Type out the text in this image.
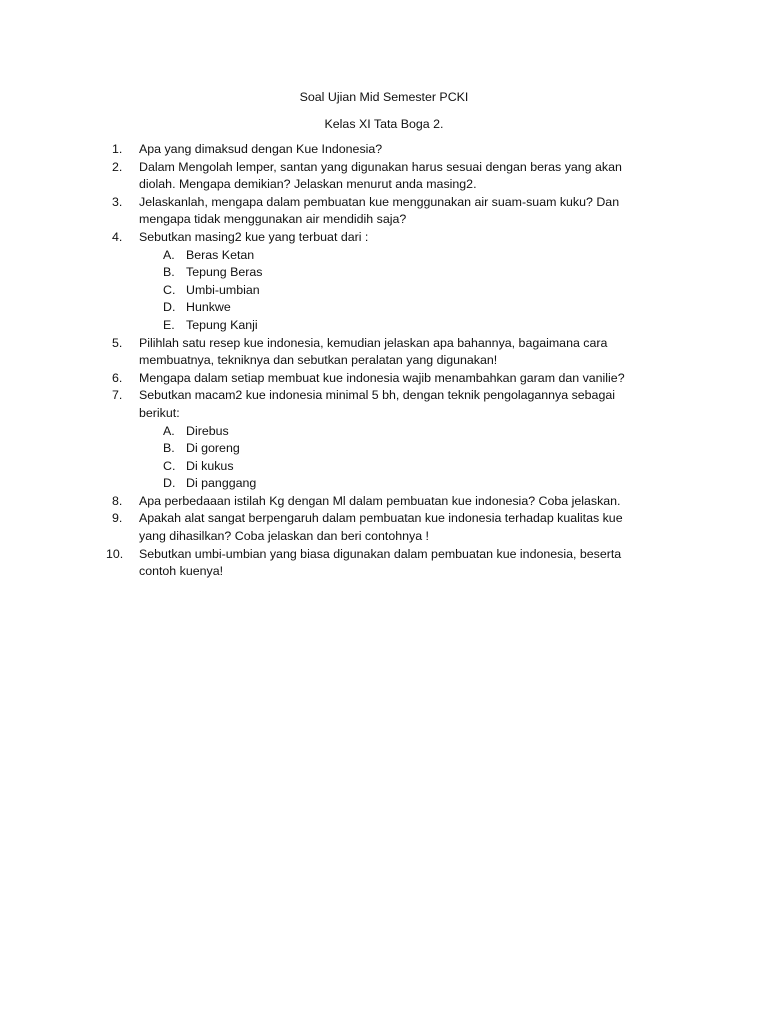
Soal Ujian Mid Semester PCKI
Kelas XI Tata Boga 2.
1.	Apa yang dimaksud dengan Kue Indonesia?
2.	Dalam Mengolah lemper, santan yang digunakan harus sesuai dengan beras yang akan diolah. Mengapa demikian? Jelaskan menurut anda masing2.
3.	Jelaskanlah, mengapa dalam pembuatan kue menggunakan air suam-suam kuku? Dan mengapa tidak menggunakan air mendidih saja?
4.	Sebutkan masing2 kue yang terbuat dari :
A. Beras Ketan
B. Tepung Beras
C. Umbi-umbian
D. Hunkwe
E. Tepung Kanji
5.	Pilihlah satu resep kue indonesia, kemudian jelaskan apa bahannya, bagaimana cara membuatnya, tekniknya dan sebutkan peralatan yang digunakan!
6.	Mengapa dalam setiap membuat kue indonesia wajib menambahkan garam dan vanilie?
7.	Sebutkan macam2 kue indonesia minimal 5 bh, dengan teknik pengolagannya sebagai berikut:
A. Direbus
B. Di goreng
C. Di kukus
D. Di panggang
8.	Apa perbedaaan istilah Kg dengan Ml dalam pembuatan kue indonesia? Coba jelaskan.
9.	Apakah alat sangat berpengaruh dalam pembuatan kue indonesia terhadap kualitas kue yang dihasilkan? Coba jelaskan dan beri contohnya !
10.	Sebutkan umbi-umbian yang biasa digunakan dalam pembuatan kue indonesia, beserta contoh kuenya!
